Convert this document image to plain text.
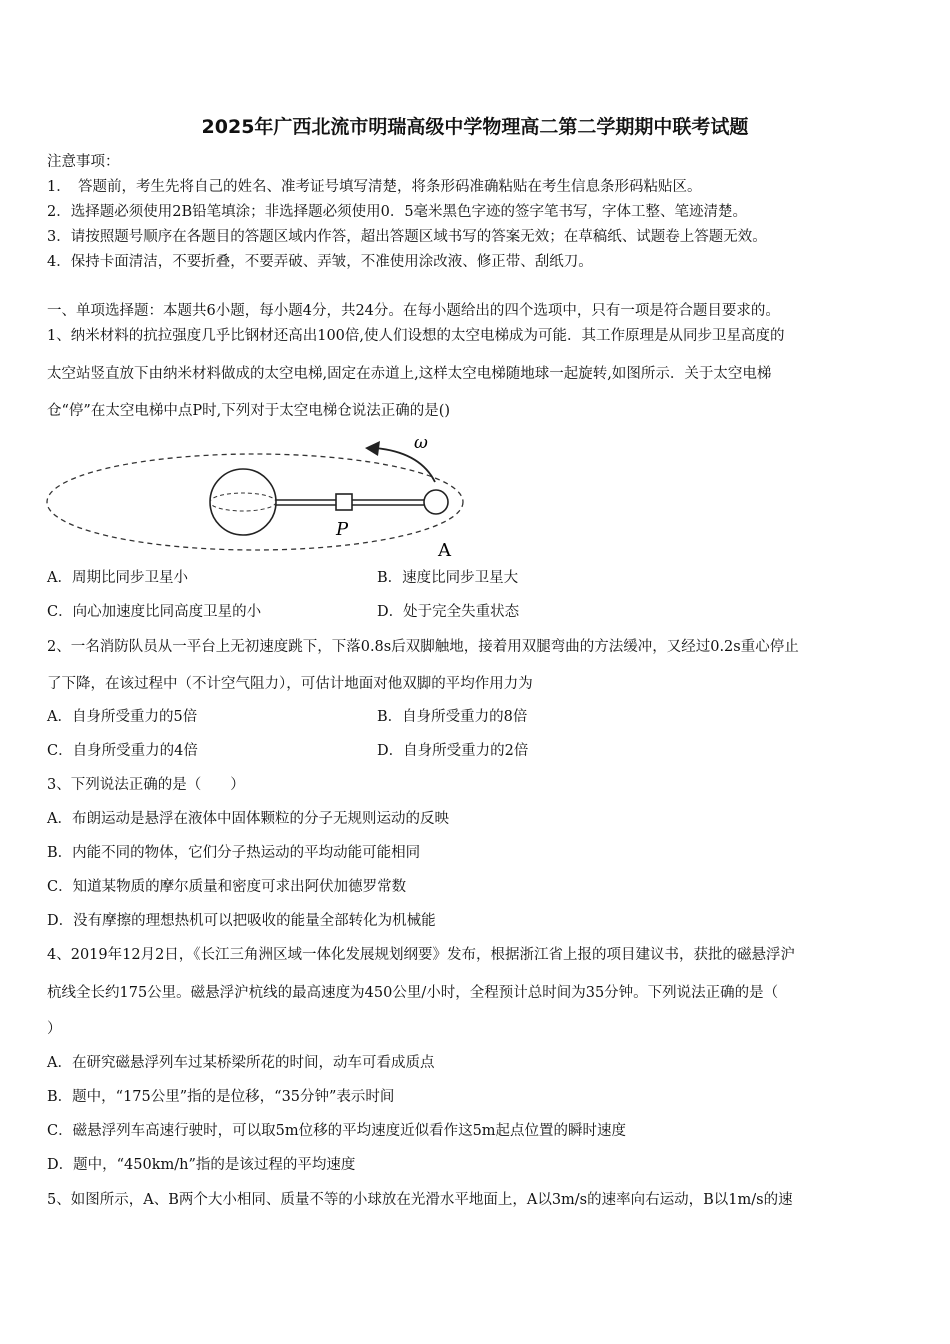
2025年广西北流市明瑞高级中学物理高二第二学期期中联考试题
注意事项：
1．　答题前，考生先将自己的姓名、准考证号填写清楚，将条形码准确粘贴在考生信息条形码粘贴区。
2．选择题必须使用2B铅笔填涂；非选择题必须使用0．5毫米黑色字迹的签字笔书写，字体工整、笔迹清楚。
3．请按照题号顺序在各题目的答题区域内作答，超出答题区域书写的答案无效；在草稿纸、试题卷上答题无效。
4．保持卡面清洁，不要折叠，不要弄破、弄皱，不准使用涂改液、修正带、刮纸刀。
一、单项选择题：本题共6小题，每小题4分，共24分。在每小题给出的四个选项中，只有一项是符合题目要求的。
1、纳米材料的抗拉强度几乎比钢材还高出100倍,使人们设想的太空电梯成为可能．其工作原理是从同步卫星高度的
太空站竖直放下由纳米材料做成的太空电梯,固定在赤道上,这样太空电梯随地球一起旋转,如图所示．关于太空电梯
仓“停”在太空电梯中点P时,下列对于太空电梯仓说法正确的是()
ω
P
A
A．周期比同步卫星小	B．速度比同步卫星大
C．向心加速度比同高度卫星的小	D．处于完全失重状态
2、一名消防队员从一平台上无初速度跳下，下落0.8s后双脚触地，接着用双腿弯曲的方法缓冲，又经过0.2s重心停止
了下降，在该过程中（不计空气阻力），可估计地面对他双脚的平均作用力为
A．自身所受重力的5倍	B．自身所受重力的8倍
C．自身所受重力的4倍	D．自身所受重力的2倍
3、下列说法正确的是（　　）
A．布朗运动是悬浮在液体中固体颗粒的分子无规则运动的反映
B．内能不同的物体，它们分子热运动的平均动能可能相同
C．知道某物质的摩尔质量和密度可求出阿伏加德罗常数
D．没有摩擦的理想热机可以把吸收的能量全部转化为机械能
4、2019年12月2日，《长江三角洲区域一体化发展规划纲要》发布，根据浙江省上报的项目建议书，获批的磁悬浮沪
杭线全长约175公里。磁悬浮沪杭线的最高速度为450公里/小时，全程预计总时间为35分钟。下列说法正确的是（
）
A．在研究磁悬浮列车过某桥梁所花的时间，动车可看成质点
B．题中，“175公里”指的是位移，“35分钟”表示时间
C．磁悬浮列车高速行驶时，可以取5m位移的平均速度近似看作这5m起点位置的瞬时速度
D．题中，“450km/h”指的是该过程的平均速度
5、如图所示，A、B两个大小相同、质量不等的小球放在光滑水平地面上，A以3m/s的速率向右运动，B以1m/s的速
